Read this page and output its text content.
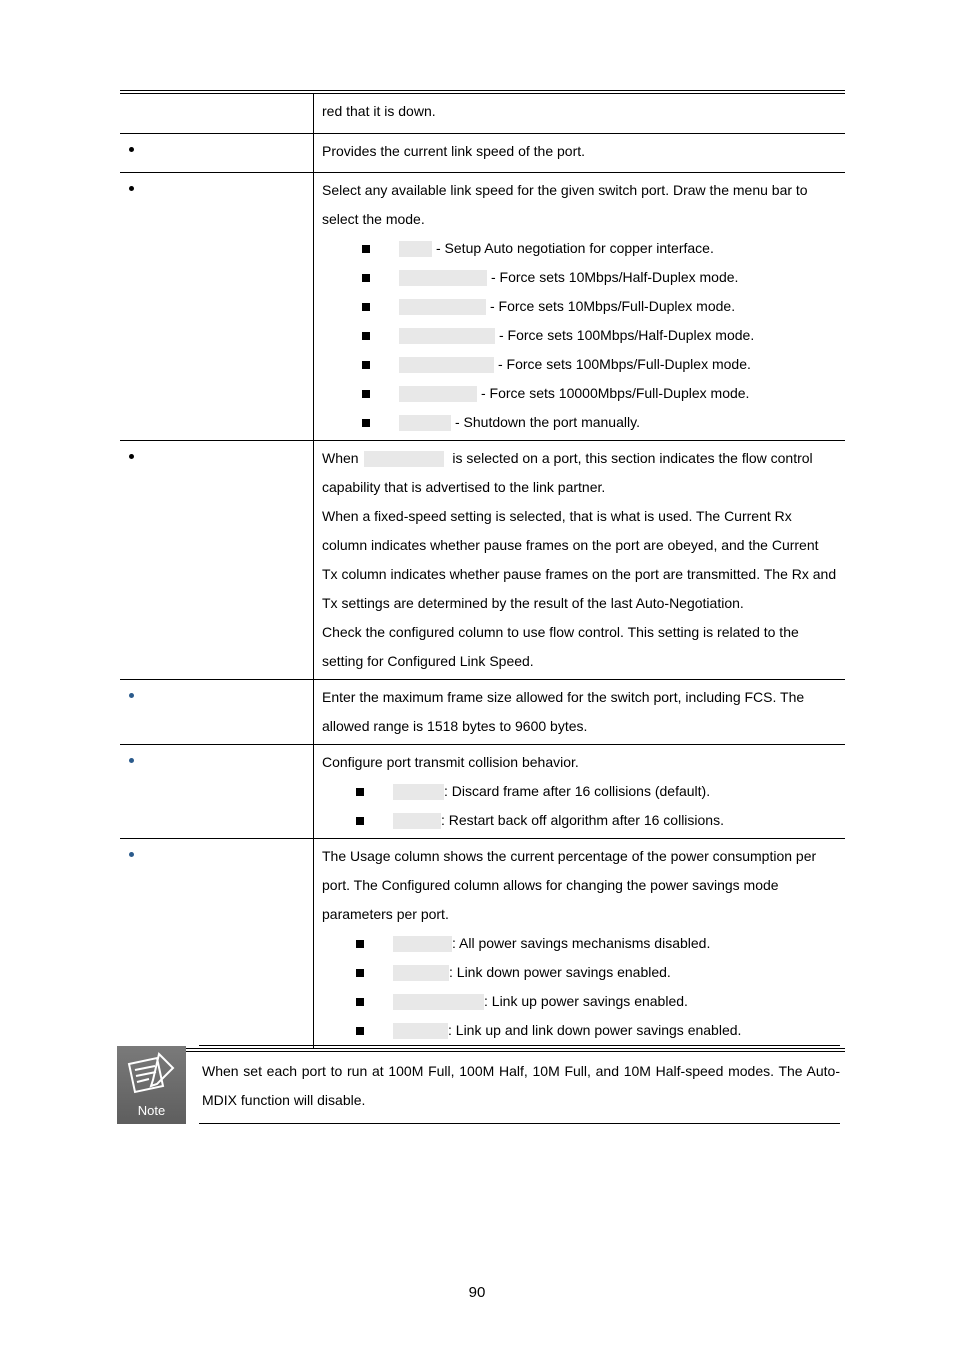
red that it is down.
Provides the current link speed of the port.
Select any available link speed for the given switch port. Draw the menu bar to select the mode.
- Setup Auto negotiation for copper interface.
- Force sets 10Mbps/Half-Duplex mode.
- Force sets 10Mbps/Full-Duplex mode.
- Force sets 100Mbps/Half-Duplex mode.
- Force sets 100Mbps/Full-Duplex mode.
- Force sets 10000Mbps/Full-Duplex mode.
- Shutdown the port manually.
When	is selected on a port, this section indicates the flow control capability that is advertised to the link partner.
When a fixed-speed setting is selected, that is what is used. The Current Rx column indicates whether pause frames on the port are obeyed, and the Current Tx column indicates whether pause frames on the port are transmitted. The Rx and Tx settings are determined by the result of the last Auto-Negotiation.
Check the configured column to use flow control. This setting is related to the setting for Configured Link Speed.
Enter the maximum frame size allowed for the switch port, including FCS. The allowed range is 1518 bytes to 9600 bytes.
Configure port transmit collision behavior.
: Discard frame after 16 collisions (default).
: Restart back off algorithm after 16 collisions.
The Usage column shows the current percentage of the power consumption per port. The Configured column allows for changing the power savings mode parameters per port.
: All power savings mechanisms disabled.
: Link down power savings enabled.
: Link up power savings enabled.
: Link up and link down power savings enabled.
Note
When set each port to run at 100M Full, 100M Half, 10M Full, and 10M Half-speed modes. The Auto-MDIX function will disable.
90
